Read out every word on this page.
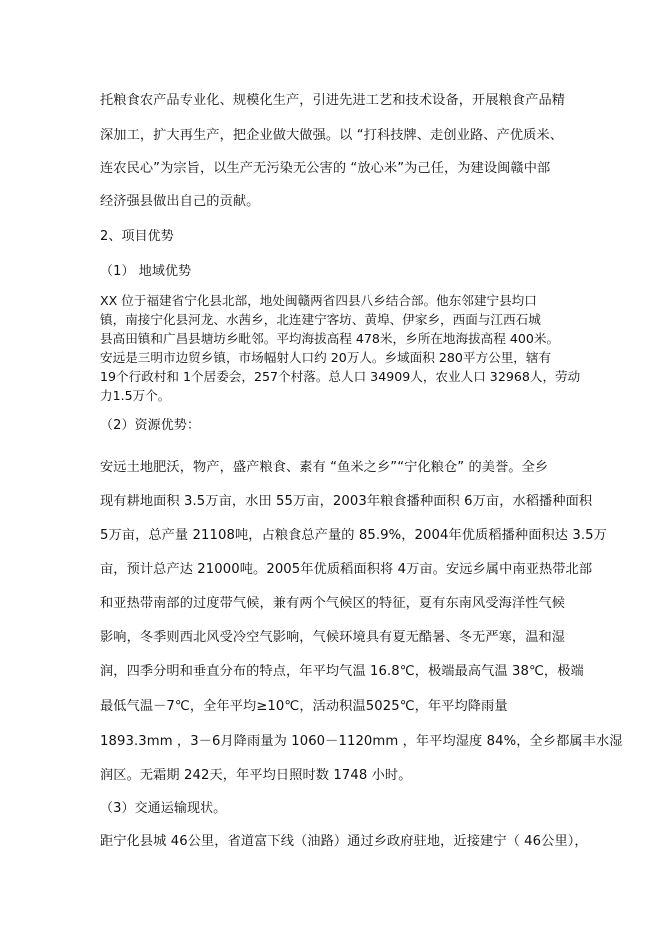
托粮食农产品专业化、规模化生产，引进先进工艺和技术设备，开展粮食产品精
深加工，扩大再生产，把企业做大做强。以 “打科技牌、走创业路、产优质米、
连农民心”为宗旨，以生产无污染无公害的 “放心米”为己任，为建设闽赣中部
经济强县做出自己的贡献。
2、项目优势
（1） 地域优势
XX 位于福建省宁化县北部，地处闽赣两省四县八乡结合部。他东邻建宁县均口
镇，南接宁化县河龙、水茜乡，北连建宁客坊、黄埠、伊家乡，西面与江西石城
县高田镇和广昌县塘坊乡毗邻。平均海拔高程 478米，乡所在地海拔高程 400米。
安远是三明市边贸乡镇，市场幅射人口约 20万人。乡域面积 280平方公里，辖有
19个行政村和 1个居委会，257个村落。总人口 34909人，农业人口 32968人，劳动
力1.5万个。
（2）资源优势：
安远土地肥沃，物产，盛产粮食、素有 “鱼米之乡”“宁化粮仓” 的美誉。全乡
现有耕地面积 3.5万亩，水田 55万亩，2003年粮食播种面积 6万亩，水稻播种面积
5万亩，总产量 21108吨，占粮食总产量的 85.9%，2004年优质稻播种面积达 3.5万
亩，预计总产达 21000吨。2005年优质稻面积将 4万亩。安远乡属中南亚热带北部
和亚热带南部的过度带气候，兼有两个气候区的特征，夏有东南风受海洋性气候
影响，冬季则西北风受冷空气影响，气候环境具有夏无酷暑、冬无严寒，温和湿
润，四季分明和垂直分布的特点，年平均气温 16.8℃，极端最高气温 38℃，极端
最低气温－7℃，全年平均≥10℃，活动积温5025℃，年平均降雨量
1893.3mm ，3－6月降雨量为 1060－1120mm ，年平均湿度 84%，全乡都属丰水湿
润区。无霜期 242天，年平均日照时数 1748 小时。
（3）交通运输现状。
距宁化县城 46公里，省道富下线（油路）通过乡政府驻地，近接建宁（ 46公里），
